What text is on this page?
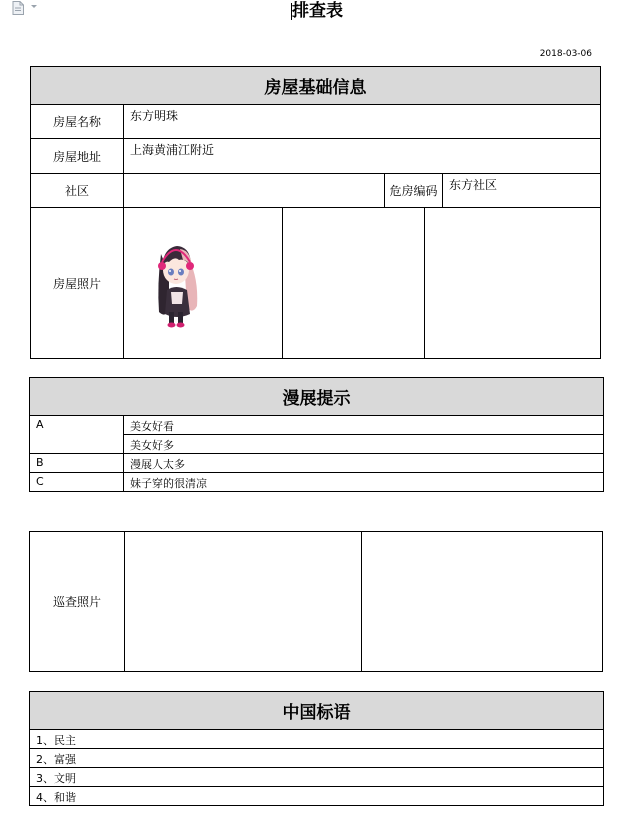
排查表
2018-03-06
房屋基础信息					
房屋名称	东方明珠				
房屋地址	上海黄浦江附近				
社区			危房编码		东方社区
房屋照片	

漫展提示	
A	美女好看
	美女好多
B	漫展人太多
C	妹子穿的很清凉
巡查照片		
中国标语
1、民主
2、富强
3、文明
4、和谐
